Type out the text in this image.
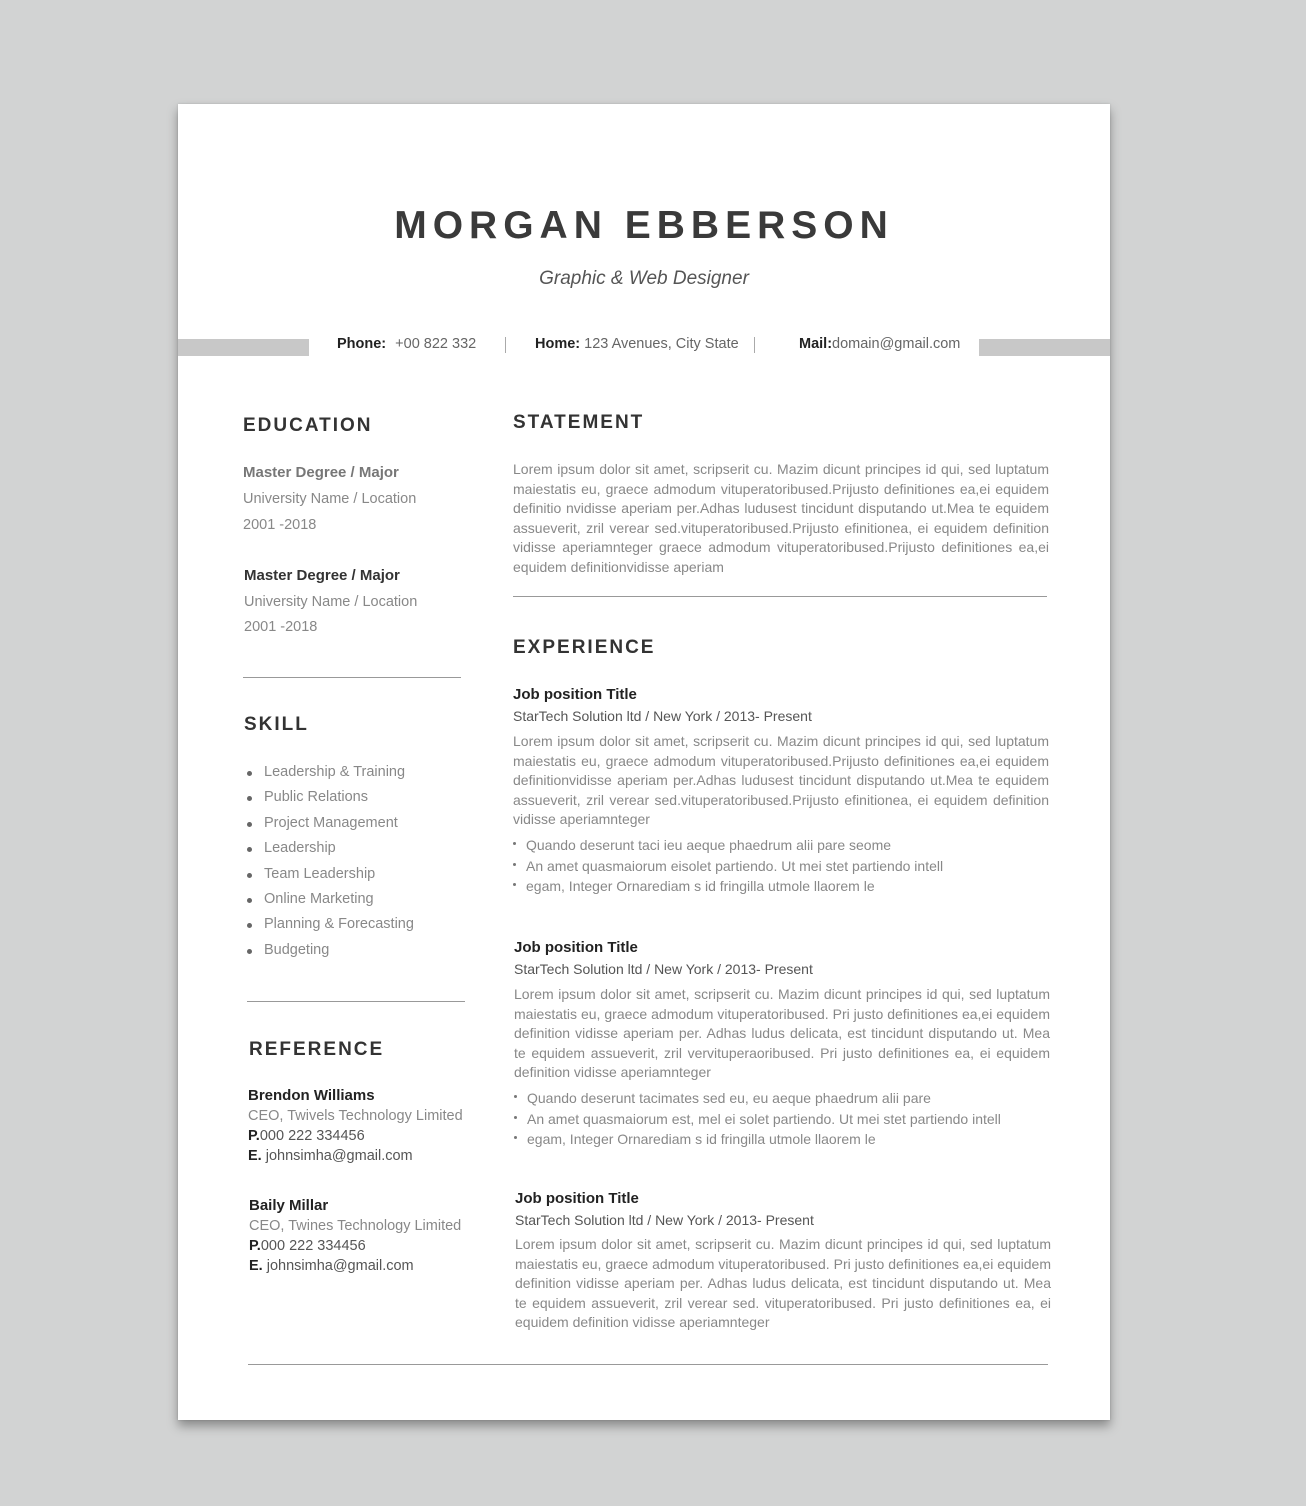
MORGAN EBBERSON
Graphic & Web Designer
Phone: +00 822 332	Home: 123 Avenues, City State	Mail:domain@gmail.com
EDUCATION
Master Degree / Major
University Name / Location
2001 -2018
Master Degree / Major
University Name / Location
2001 -2018
SKILL
Leadership & Training
Public Relations
Project Management
Leadership
Team Leadership
Online Marketing
Planning & Forecasting
Budgeting
REFERENCE
Brendon Williams
CEO, Twivels Technology Limited
P.000 222 334456
E. johnsimha@gmail.com
Baily Millar
CEO, Twines Technology Limited
P.000 222 334456
E. johnsimha@gmail.com
STATEMENT
Lorem ipsum dolor sit amet, scripserit cu. Mazim dicunt principes id qui, sed luptatum maiestatis eu, graece admodum vituperatoribused.Prijusto definitiones ea,ei equidem definitio nvidisse aperiam per.Adhas ludusest tincidunt disputando ut.Mea te equidem assueverit, zril verear sed.vituperatoribused.Prijusto efinitionea, ei equidem definition vidisse aperiamnteger graece admodum vituperatoribused.Prijusto definitiones ea,ei equidem definitionvidisse aperiam
EXPERIENCE
Job position Title
StarTech Solution ltd / New York / 2013- Present
Lorem ipsum dolor sit amet, scripserit cu. Mazim dicunt principes id qui, sed luptatum maiestatis eu, graece admodum vituperatoribused.Prijusto definitiones ea,ei equidem definitionvidisse aperiam per.Adhas ludusest tincidunt disputando ut.Mea te equidem assueverit, zril verear sed.vituperatoribused.Prijusto efinitionea, ei equidem definition vidisse aperiamnteger
Quando deserunt taci ieu aeque phaedrum alii pare seome
An amet quasmaiorum eisolet partiendo. Ut mei stet partiendo intell
egam, Integer Ornarediam s id fringilla utmole llaorem le
Job position Title
StarTech Solution ltd / New York / 2013- Present
Lorem ipsum dolor sit amet, scripserit cu. Mazim dicunt principes id qui, sed luptatum maiestatis eu, graece admodum vituperatoribused. Pri justo definitiones ea,ei equidem definition vidisse aperiam per. Adhas ludus delicata, est tincidunt disputando ut. Mea te equidem assueverit, zril vervituperaoribused. Pri justo definitiones ea, ei equidem definition vidisse aperiamnteger
Quando deserunt tacimates sed eu, eu aeque phaedrum alii pare
An amet quasmaiorum est, mel ei solet partiendo. Ut mei stet partiendo intell
egam, Integer Ornarediam s id fringilla utmole llaorem le
Job position Title
StarTech Solution ltd / New York / 2013- Present
Lorem ipsum dolor sit amet, scripserit cu. Mazim dicunt principes id qui, sed luptatum maiestatis eu, graece admodum vituperatoribused. Pri justo definitiones ea,ei equidem definition vidisse aperiam per. Adhas ludus delicata, est tincidunt disputando ut. Mea te equidem assueverit, zril verear sed. vituperatoribused. Pri justo definitiones ea, ei equidem definition vidisse aperiamnteger
